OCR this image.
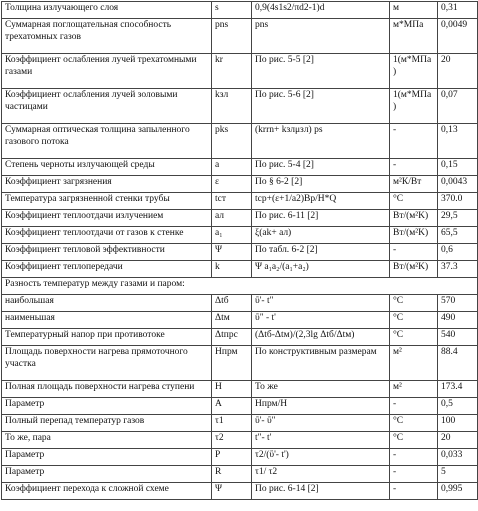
Толщина излучающего слоя	s	0,9(4s1s2/πd2-1)d	м	0,31
Суммарная поглощательная способность трехатомных газов	pns	pns	м*МПа	0,0049
Коэффициент ослабления лучей трехатомными газами	kr	По рис. 5-5 [2]	1(м*МПа)	20
Коэффициент ослабления лучей золовыми частицами	kзл	По рис. 5-6 [2]	1(м*МПа)	0,07
Суммарная оптическая толщина запыленного газового потока	pks	(krrn+ kзлμзл) ps	-	0,13
Степень черноты излучающей среды	a	По рис. 5-4 [2]	-	0,15
Коэффициент загрязнения	ε	По § 6-2 [2]	м²К/Вт	0,0043
Температура загрязненной стенки трубы	tcт	tcp+(ε+1/a2)Bp/H*Q	°C	370.0
Коэффициент теплоотдачи излучением	aл	По рис. 6-11 [2]	Вт/(м²K)	29,5
Коэффициент теплоотдачи от газов к стенке	a₁	ξ(ak+ aл)	Вт/(м²K)	65,5
Коэффициент тепловой эффективности	Ψ	По табл. 6-2 [2]	-	0,6
Коэффициент теплопередачи	k	Ψ a₁a₂/(a₁+a₂)	Вт/(м²K)	37.3
Разность температур между газами и паром:				
наибольшая	Δtб	ΰ'- t"	°C	570
наименьшая	Δtм	ΰ" - t'	°C	490
Температурный напор при противотоке	Δtпрс	(Δtб-Δtм)/(2,3lg Δtб/Δtм)	°C	540
Площадь поверхности нагрева прямоточного участка	Hпрм	По конструктивным размерам	м²	88.4
Полная площадь поверхности нагрева ступени	H	То же	м²	173.4
Параметр	A	Hпрм/H	-	0,5
Полный перепад температур газов	τ1	ΰ'- ΰ"	°C	100
То же, пара	τ2	t"- t'	°C	20
Параметр	P	τ2/(ΰ'- t')	-	0,033
Параметр	R	τ1/ τ2	-	5
Коэффициент перехода к сложной схеме	Ψ	По рис. 6-14 [2]	-	0,995
